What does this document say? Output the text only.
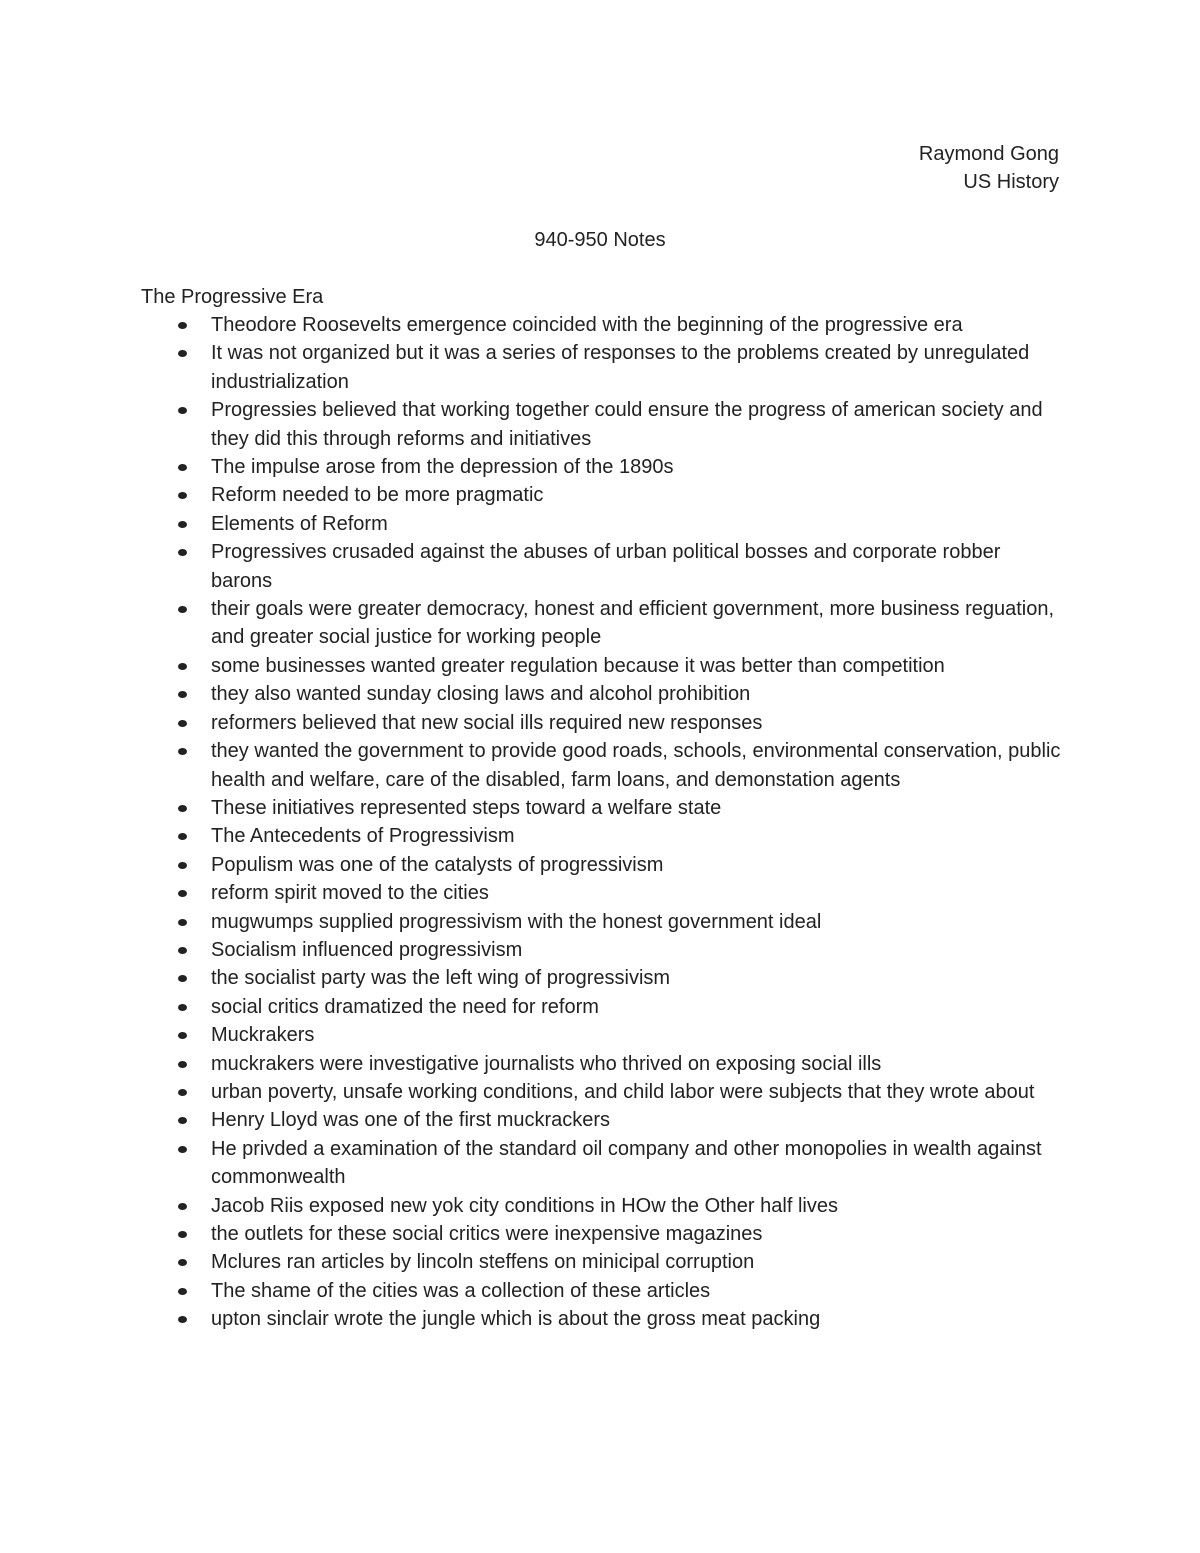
Raymond Gong
US History
940-950 Notes
The Progressive Era
Theodore Roosevelts emergence coincided with the beginning of the progressive era
It was not organized but it was a series of responses to the problems created by unregulated industrialization
Progressies believed that working together could ensure the progress of american society and they did this through reforms and initiatives
The impulse arose from the depression of the 1890s
Reform needed to be more pragmatic
Elements of Reform
Progressives crusaded against the abuses of urban political bosses and corporate robber barons
their goals were greater democracy, honest and efficient government, more business reguation, and greater social justice for working people
some businesses wanted greater regulation because it was better than competition
they also wanted sunday closing laws and alcohol prohibition
reformers believed that new social ills required new responses
they wanted the government to provide good roads, schools, environmental conservation, public health and welfare, care of the disabled, farm loans, and demonstation agents
These initiatives represented steps toward a welfare state
The Antecedents of Progressivism
Populism was one of the catalysts of progressivism
reform spirit moved to the cities
mugwumps supplied progressivism with the honest government ideal
Socialism influenced progressivism
the socialist party was the left wing of progressivism
social critics dramatized the need for reform
Muckrakers
muckrakers were investigative journalists who thrived on exposing social ills
urban poverty, unsafe working conditions, and child labor were subjects that they wrote about
Henry Lloyd was one of the first muckrackers
He privded a examination of the standard oil company and other monopolies in wealth against commonwealth
Jacob Riis exposed new yok city conditions in HOw the Other half lives
the outlets for these social critics were inexpensive magazines
Mclures ran articles by lincoln steffens on minicipal corruption
The shame of the cities was a collection of these articles
upton sinclair wrote the jungle which is about the gross meat packing
